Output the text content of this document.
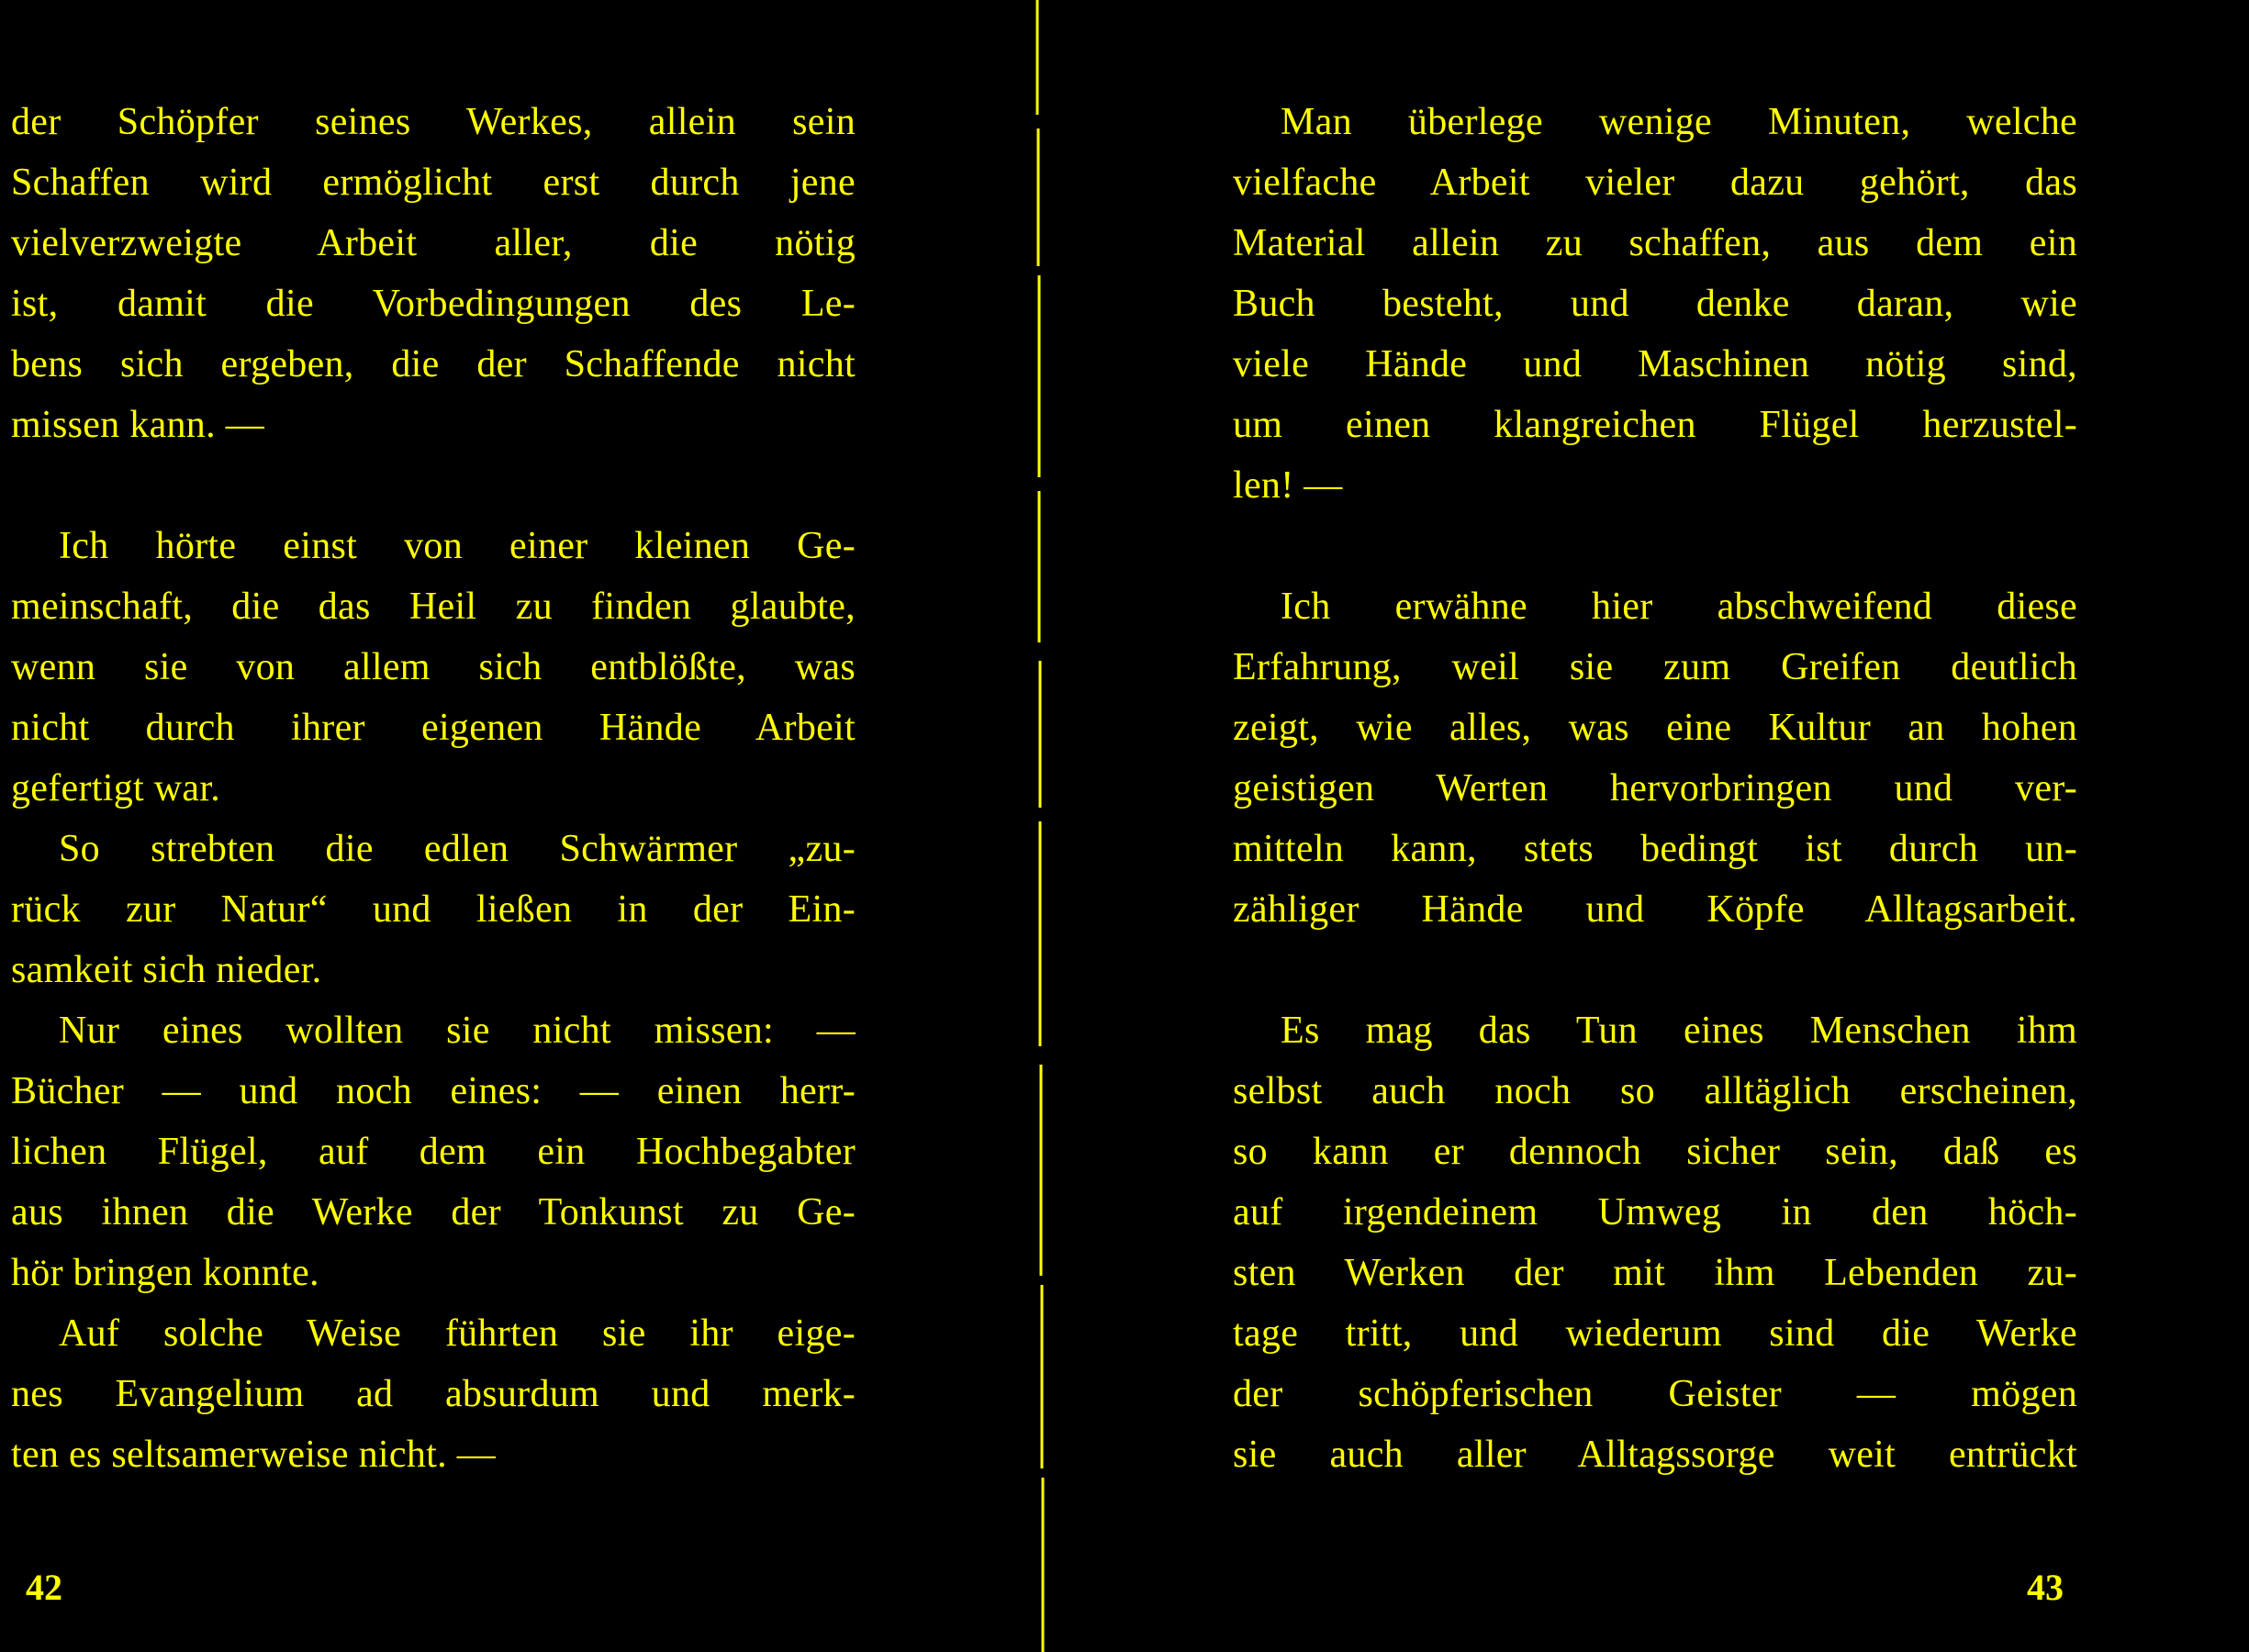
der Schöpfer seines Werkes, allein sein
Schaffen wird ermöglicht erst durch jene
vielverzweigte Arbeit aller, die nötig
ist, damit die Vorbedingungen des Le-
bens sich ergeben, die der Schaffende nicht
missen kann. —
Ich hörte einst von einer kleinen Ge-
meinschaft, die das Heil zu finden glaubte,
wenn sie von allem sich entblößte, was
nicht durch ihrer eigenen Hände Arbeit
gefertigt war.
So strebten die edlen Schwärmer „zu-
rück zur Natur“ und ließen in der Ein-
samkeit sich nieder.
Nur eines wollten sie nicht missen: —
Bücher — und noch eines: — einen herr-
lichen Flügel, auf dem ein Hochbegabter
aus ihnen die Werke der Tonkunst zu Ge-
hör bringen konnte.
Auf solche Weise führten sie ihr eige-
nes Evangelium ad absurdum und merk-
ten es seltsamerweise nicht. —
Man überlege wenige Minuten, welche
vielfache Arbeit vieler dazu gehört, das
Material allein zu schaffen, aus dem ein
Buch besteht, und denke daran, wie
viele Hände und Maschinen nötig sind,
um einen klangreichen Flügel herzustel-
len! —
Ich erwähne hier abschweifend diese
Erfahrung, weil sie zum Greifen deutlich
zeigt, wie alles, was eine Kultur an hohen
geistigen Werten hervorbringen und ver-
mitteln kann, stets bedingt ist durch un-
zähliger Hände und Köpfe Alltagsarbeit.
Es mag das Tun eines Menschen ihm
selbst auch noch so alltäglich erscheinen,
so kann er dennoch sicher sein, daß es
auf irgendeinem Umweg in den höch-
sten Werken der mit ihm Lebenden zu-
tage tritt, und wiederum sind die Werke
der schöpferischen Geister — mögen
sie auch aller Alltagssorge weit entrückt
42	43
